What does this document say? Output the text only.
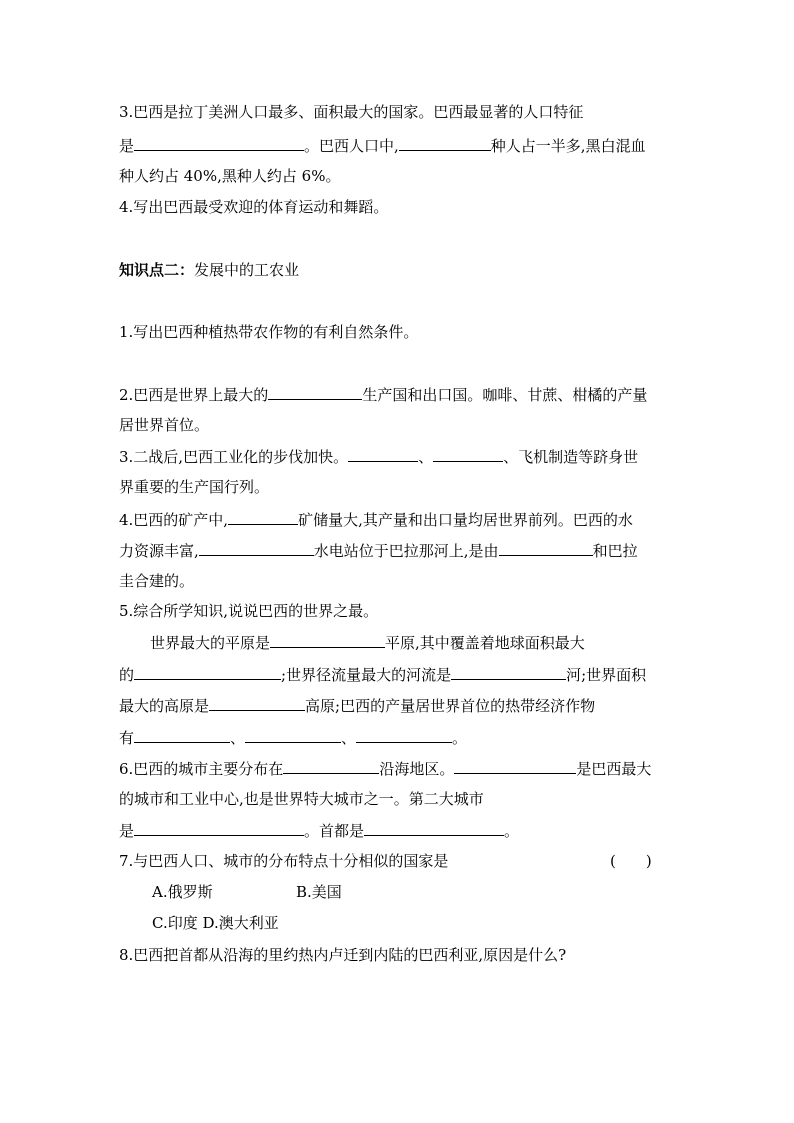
3.巴西是拉丁美洲人口最多、面积最大的国家。巴西最显著的人口特征
是	。巴西人口中,	种人占一半多,黑白混血
种人约占 40%,黑种人约占 6%。
4.写出巴西最受欢迎的体育运动和舞蹈。
知识点二：发展中的工农业
1.写出巴西种植热带农作物的有利自然条件。
2.巴西是世界上最大的	生产国和出口国。咖啡、甘蔗、柑橘的产量
居世界首位。
3.二战后,巴西工业化的步伐加快。	、	、飞机制造等跻身世
界重要的生产国行列。
4.巴西的矿产中,	矿储量大,其产量和出口量均居世界前列。巴西的水
力资源丰富,	水电站位于巴拉那河上,是由	和巴拉
圭合建的。
5.综合所学知识,说说巴西的世界之最。
世界最大的平原是	平原,其中覆盖着地球面积最大
的	;世界径流量最大的河流是	河;世界面积
最大的高原是	高原;巴西的产量居世界首位的热带经济作物
有	、	、	。
6.巴西的城市主要分布在	沿海地区。	是巴西最大
的城市和工业中心,也是世界特大城市之一。第二大城市
是	。首都是	。
7.与巴西人口、城市的分布特点十分相似的国家是	(　　)
A.俄罗斯	B.美国
C.印度 D.澳大利亚
8.巴西把首都从沿海的里约热内卢迁到内陆的巴西利亚,原因是什么?
